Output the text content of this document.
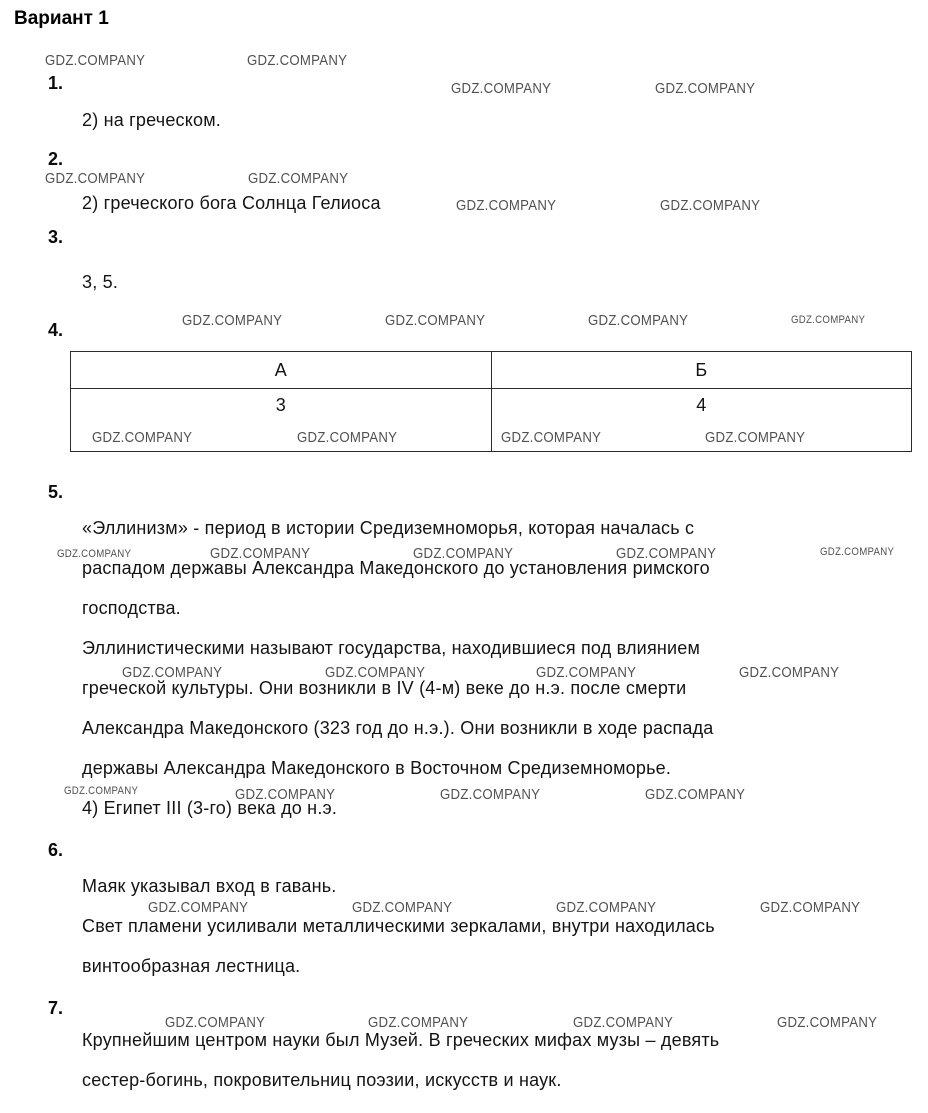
Вариант 1
1.
2) на греческом.
2.
2) греческого бога Солнца Гелиоса
3.
3, 5.
4.
А	Б
3	4
5.
«Эллинизм» - период в истории Средиземноморья, которая началась с
распадом державы Александра Македонского до установления римского
господства.
Эллинистическими называют государства, находившиеся под влиянием
греческой культуры. Они возникли в IV (4-м) веке до н.э. после смерти
Александра Македонского (323 год до н.э.). Они возникли в ходе распада
державы Александра Македонского в Восточном Средиземноморье.
4) Египет III (3-го) века до н.э.
6.
Маяк указывал вход в гавань.
Свет пламени усиливали металлическими зеркалами, внутри находилась
винтообразная лестница.
7.
Крупнейшим центром науки был Музей. В греческих мифах музы – девять
сестер-богинь, покровительниц поэзии, искусств и наук.
GDZ.COMPANY	GDZ.COMPANY
GDZ.COMPANY	GDZ.COMPANY
GDZ.COMPANY	GDZ.COMPANY
GDZ.COMPANY	GDZ.COMPANY
GDZ.COMPANY	GDZ.COMPANY	GDZ.COMPANY	GDZ.COMPANY
GDZ.COMPANY	GDZ.COMPANY	GDZ.COMPANY	GDZ.COMPANY
GDZ.COMPANY	GDZ.COMPANY	GDZ.COMPANY	GDZ.COMPANY	GDZ.COMPANY
GDZ.COMPANY	GDZ.COMPANY	GDZ.COMPANY	GDZ.COMPANY
GDZ.COMPANY	GDZ.COMPANY	GDZ.COMPANY	GDZ.COMPANY
GDZ.COMPANY	GDZ.COMPANY	GDZ.COMPANY	GDZ.COMPANY
GDZ.COMPANY	GDZ.COMPANY	GDZ.COMPANY	GDZ.COMPANY
